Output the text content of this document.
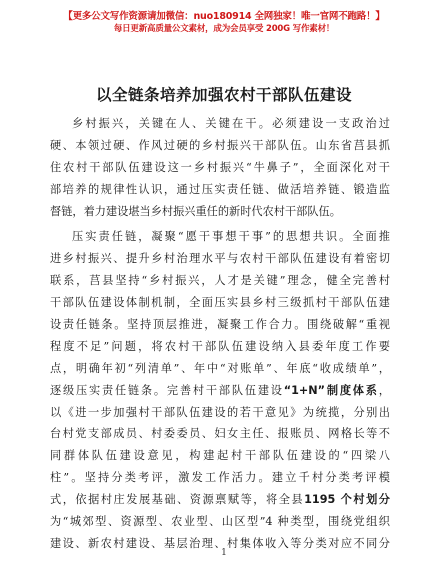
【更多公文写作资源请加微信：nuo180914 全网独家！唯一官网不跑路！】
每日更新高质量公文素材，成为会员享受 200G 写作素材！
以全链条培养加强农村干部队伍建设
乡村振兴，关键在人、关键在干。必须建设一支政治过
硬、本领过硬、作风过硬的乡村振兴干部队伍。山东省莒县抓
住农村干部队伍建设这一乡村振兴“牛鼻子”，全面深化对干
部培养的规律性认识，通过压实责任链、做活培养链、锻造监
督链，着力建设堪当乡村振兴重任的新时代农村干部队伍。
压实责任链，凝聚“愿干事想干事”的思想共识。全面推
进乡村振兴、提升乡村治理水平与农村干部队伍建设有着密切
联系，莒县坚持“乡村振兴，人才是关键”理念，健全完善村
干部队伍建设体制机制，全面压实县乡村三级抓村干部队伍建
设责任链条。坚持顶层推进，凝聚工作合力。围绕破解“重视
程度不足”问题，将农村干部队伍建设纳入县委年度工作要
点，明确年初“列清单”、年中“对账单”、年底“收成绩单”，
逐级压实责任链条。完善村干部队伍建设“1+N”制度体系，
以《进一步加强村干部队伍建设的若干意见》为统揽，分别出
台村党支部成员、村委委员、妇女主任、报账员、网格长等不
同群体队伍建设意见，构建起村干部队伍建设的“四梁八
柱”。坚持分类考评，激发工作活力。建立千村分类考评模
式，依据村庄发展基础、资源禀赋等，将全县1195 个村划分
为“城郊型、资源型、农业型、山区型”4 种类型，围绕党组织
建设、新农村建设、基层治理、村集体收入等分类对应不同分
1
